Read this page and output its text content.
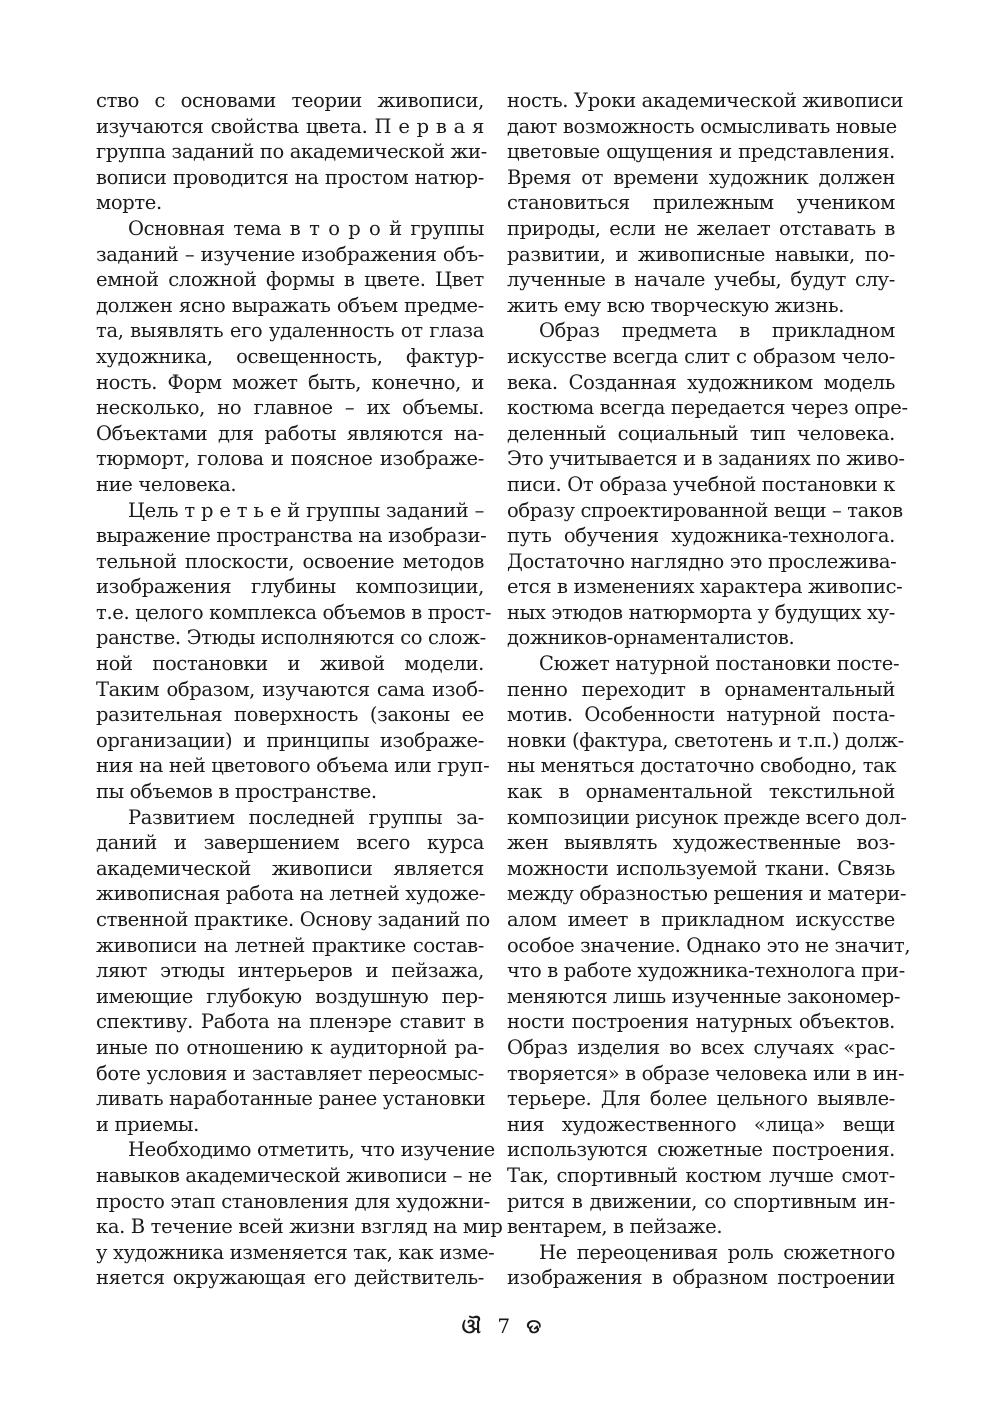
ство с основами теории живописи,
изучаются свойства цвета. П е р в а я
группа заданий по академической жи-
вописи проводится на простом натюр-
морте.
Основная тема в т о р о й группы
заданий – изучение изображения объ-
емной сложной формы в цвете. Цвет
должен ясно выражать объем предме-
та, выявлять его удаленность от глаза
художника, освещенность, фактур-
ность. Форм может быть, конечно, и
несколько, но главное – их объемы.
Объектами для работы являются на-
тюрморт, голова и поясное изображе-
ние человека.
Цель т р е т ь е й группы заданий –
выражение пространства на изобрази-
тельной плоскости, освоение методов
изображения глубины композиции,
т.е. целого комплекса объемов в прост-
ранстве. Этюды исполняются со слож-
ной постановки и живой модели.
Таким образом, изучаются сама изоб-
разительная поверхность (законы ее
организации) и принципы изображе-
ния на ней цветового объема или груп-
пы объемов в пространстве.
Развитием последней группы за-
даний и завершением всего курса
академической живописи является
живописная работа на летней художе-
ственной практике. Основу заданий по
живописи на летней практике состав-
ляют этюды интерьеров и пейзажа,
имеющие глубокую воздушную пер-
спективу. Работа на пленэре ставит в
иные по отношению к аудиторной ра-
боте условия и заставляет переосмыс-
ливать наработанные ранее установки
и приемы.
Необходимо отметить, что изучение
навыков академической живописи – не
просто этап становления для художни-
ка. В течение всей жизни взгляд на мир
у художника изменяется так, как изме-
няется окружающая его действитель-
ность. Уроки академической живописи
дают возможность осмысливать новые
цветовые ощущения и представления.
Время от времени художник должен
становиться прилежным учеником
природы, если не желает отставать в
развитии, и живописные навыки, по-
лученные в начале учебы, будут слу-
жить ему всю творческую жизнь.
Образ предмета в прикладном
искусстве всегда слит с образом чело-
века. Созданная художником модель
костюма всегда передается через опре-
деленный социальный тип человека.
Это учитывается и в заданиях по живо-
писи. От образа учебной постановки к
образу спроектированной вещи – таков
путь обучения художника-технолога.
Достаточно наглядно это прослежива-
ется в изменениях характера живопис-
ных этюдов натюрморта у будущих ху-
дожников-орнаменталистов.
Сюжет натурной постановки посте-
пенно переходит в орнаментальный
мотив. Особенности натурной поста-
новки (фактура, светотень и т.п.) долж-
ны меняться достаточно свободно, так
как в орнаментальной текстильной
композиции рисунок прежде всего дол-
жен выявлять художественные воз-
можности используемой ткани. Связь
между образностью решения и матери-
алом имеет в прикладном искусстве
особое значение. Однако это не значит,
что в работе художника-технолога при-
меняются лишь изученные закономер-
ности построения натурных объектов.
Образ изделия во всех случаях «рас-
творяется» в образе человека или в ин-
терьере. Для более цельного выявле-
ния художественного «лица» вещи
используются сюжетные построения.
Так, спортивный костюм лучше смот-
рится в движении, со спортивным ин-
вентарем, в пейзаже.
Не переоценивая роль сюжетного
изображения в образном построении
ଔ 7 ଡ
